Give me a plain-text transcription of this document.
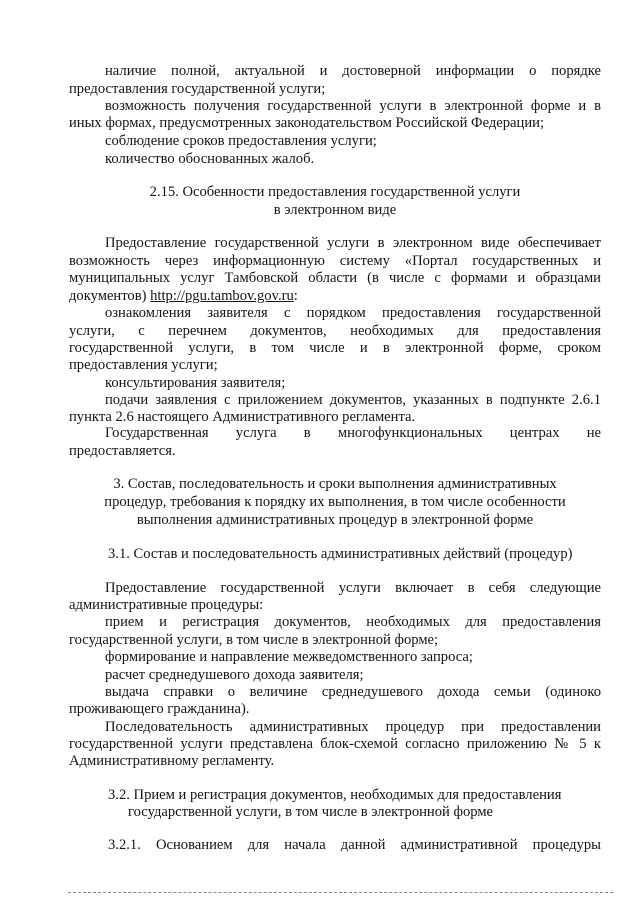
наличие полной, актуальной и достоверной информации о порядке
предоставления государственной услуги;
возможность получения государственной услуги в электронной форме и в
иных формах, предусмотренных законодательством Российской Федерации;
соблюдение сроков предоставления услуги;
количество обоснованных жалоб.
2.15. Особенности предоставления государственной услуги
в электронном виде
Предоставление государственной услуги в электронном виде обеспечивает
возможность через информационную систему «Портал государственных и
муниципальных услуг Тамбовской области (в числе с формами и образцами
документов) http://pgu.tambov.gov.ru:
ознакомления заявителя с порядком предоставления государственной
услуги, с перечнем документов, необходимых для предоставления
государственной услуги, в том числе и в электронной форме, сроком
предоставления услуги;
консультирования заявителя;
подачи заявления с приложением документов, указанных в подпункте 2.6.1
пункта 2.6 настоящего Административного регламента.
Государственная услуга в многофункциональных центрах не
предоставляется.
3. Состав, последовательность и сроки выполнения административных
процедур, требования к порядку их выполнения, в том числе особенности
выполнения административных процедур в электронной форме
3.1. Состав и последовательность административных действий (процедур)
Предоставление государственной услуги включает в себя следующие
административные процедуры:
прием и регистрация документов, необходимых для предоставления
государственной услуги, в том числе в электронной форме;
формирование и направление межведомственного запроса;
расчет среднедушевого дохода заявителя;
выдача справки о величине среднедушевого дохода семьи (одиноко
проживающего гражданина).
Последовательность административных процедур при предоставлении
государственной услуги представлена блок-схемой согласно приложению № 5 к
Административному регламенту.
3.2. Прием и регистрация документов, необходимых для предоставления
государственной услуги, в том числе в электронной форме
3.2.1. Основанием для начала данной административной процедуры
